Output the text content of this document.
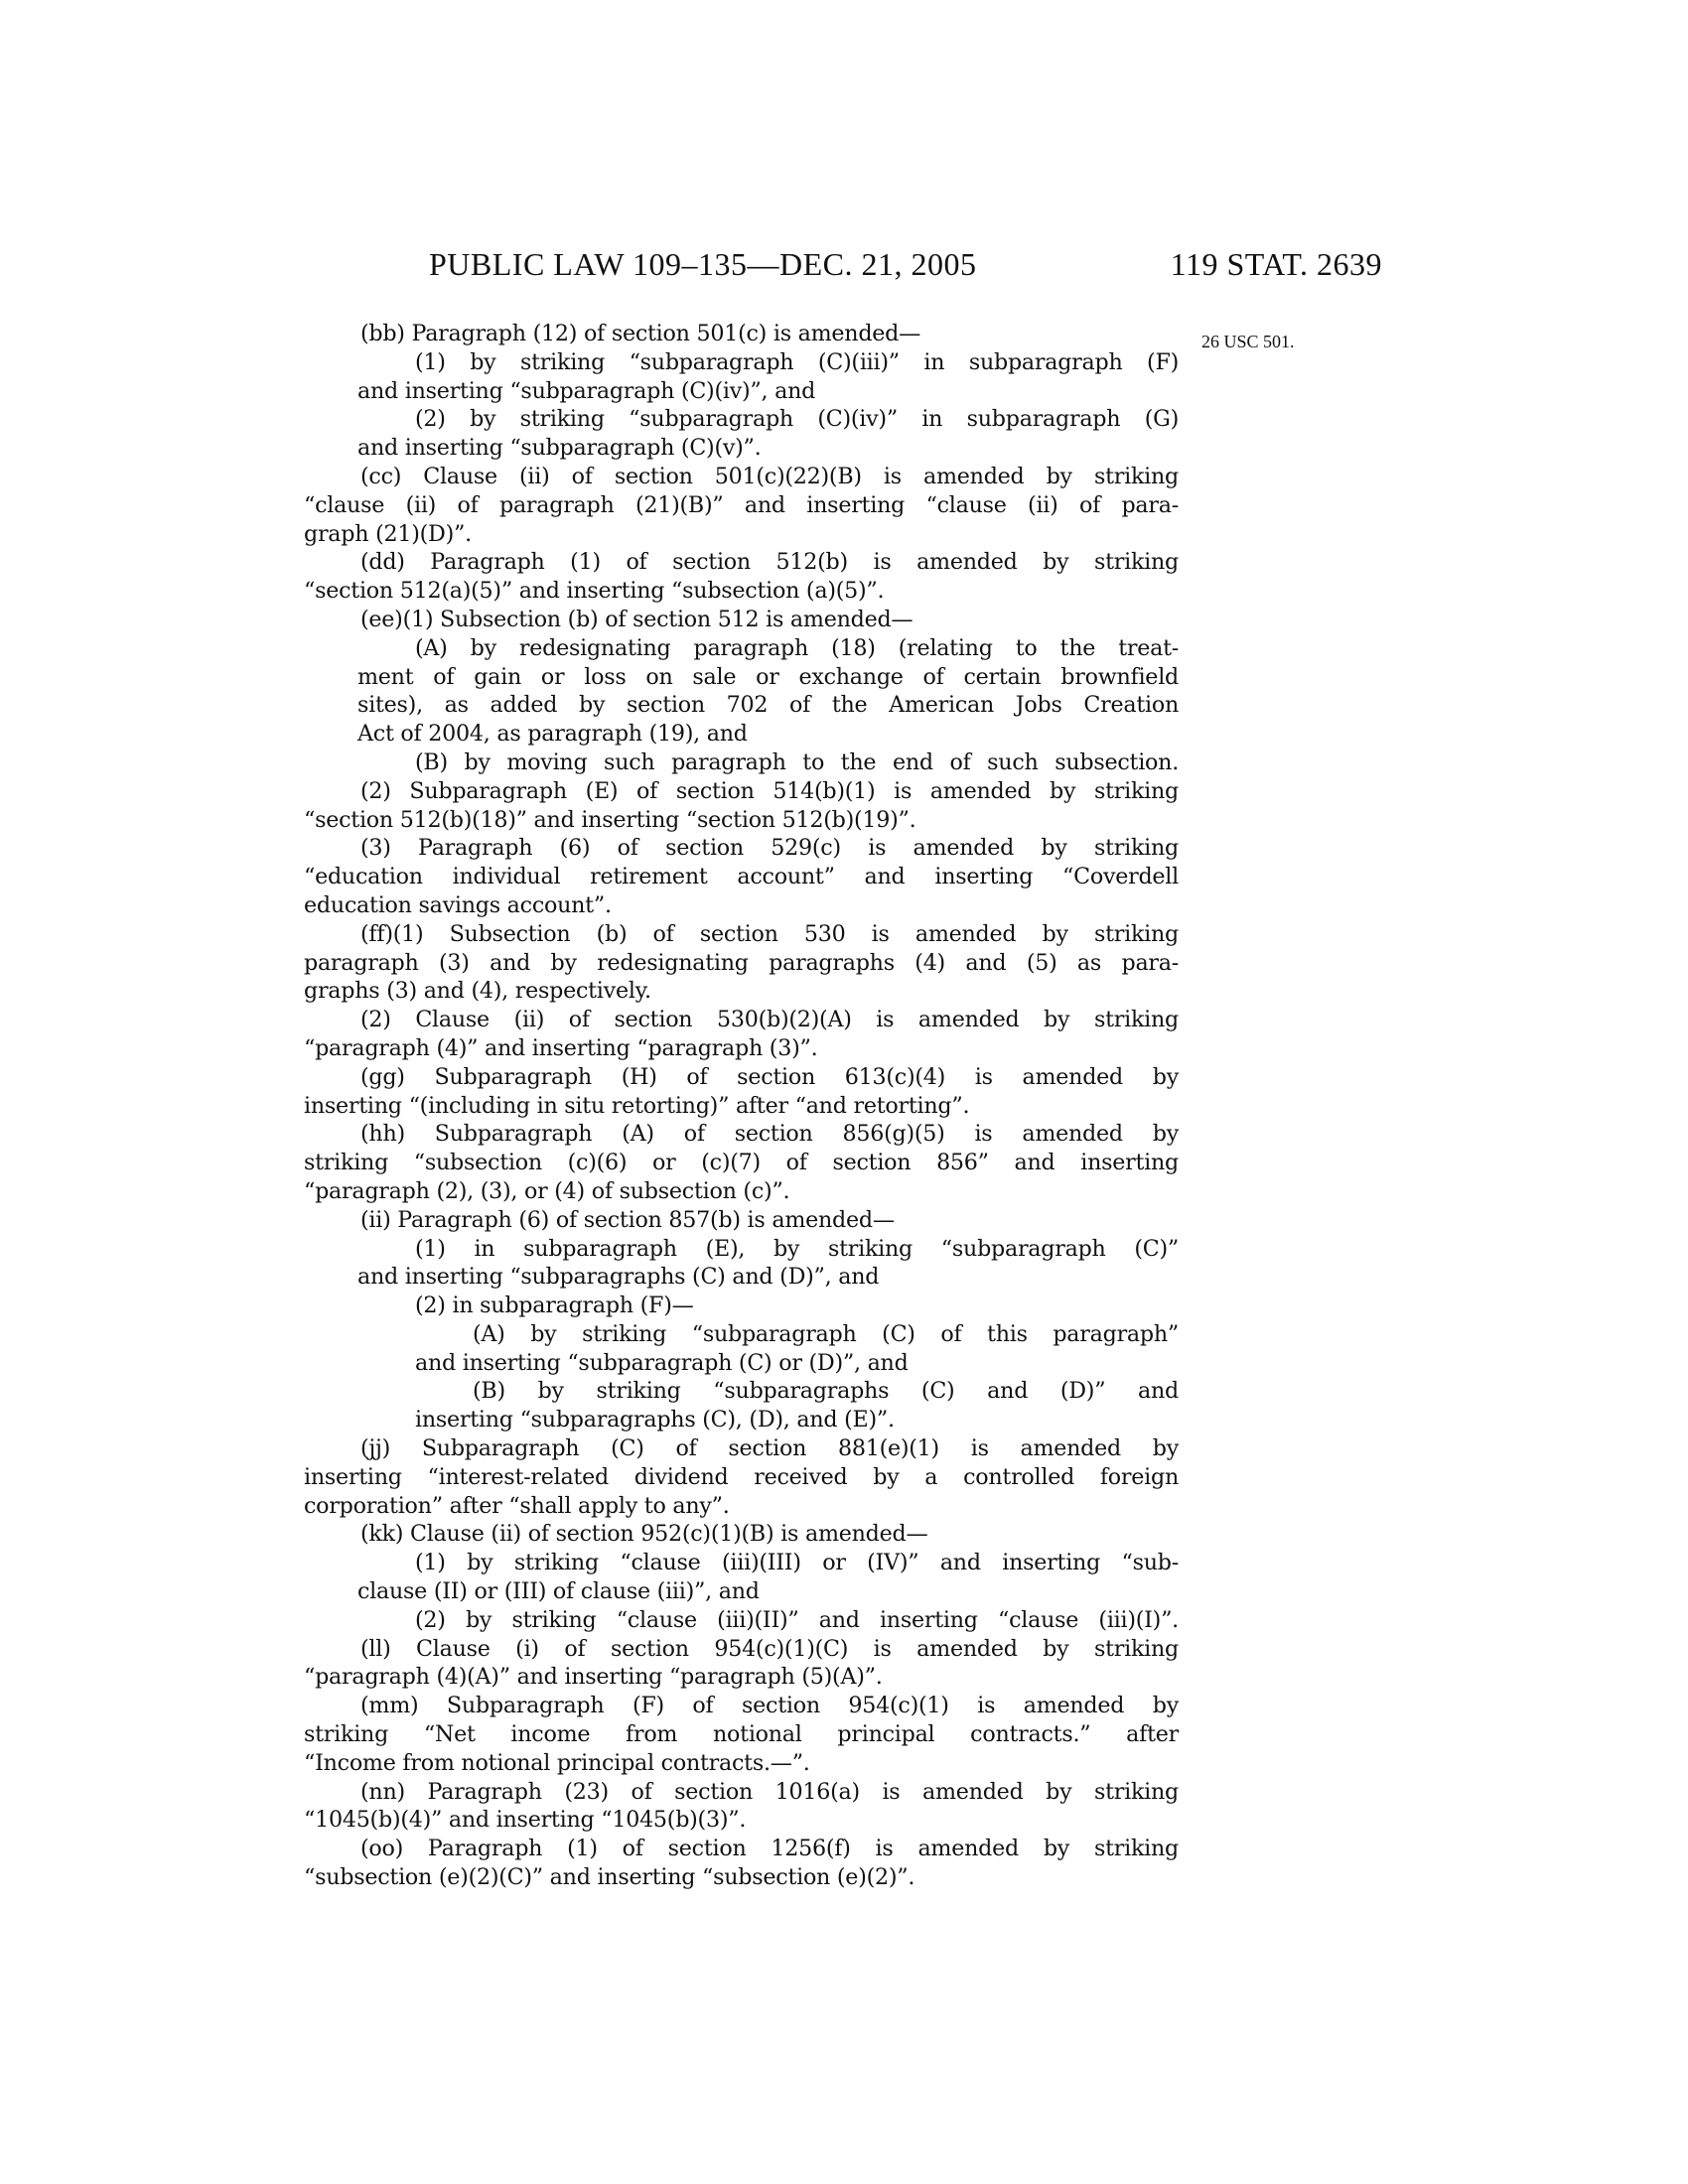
PUBLIC LAW 109–135—DEC. 21, 2005	119 STAT. 2639
26 USC 501.
(bb) Paragraph (12) of section 501(c) is amended—
(1) by striking “subparagraph (C)(iii)” in subparagraph (F)
and inserting “subparagraph (C)(iv)”, and
(2) by striking “subparagraph (C)(iv)” in subparagraph (G)
and inserting “subparagraph (C)(v)”.
(cc) Clause (ii) of section 501(c)(22)(B) is amended by striking
“clause (ii) of paragraph (21)(B)” and inserting “clause (ii) of para-
graph (21)(D)”.
(dd) Paragraph (1) of section 512(b) is amended by striking
“section 512(a)(5)” and inserting “subsection (a)(5)”.
(ee)(1) Subsection (b) of section 512 is amended—
(A) by redesignating paragraph (18) (relating to the treat-
ment of gain or loss on sale or exchange of certain brownfield
sites), as added by section 702 of the American Jobs Creation
Act of 2004, as paragraph (19), and
(B) by moving such paragraph to the end of such subsection.
(2) Subparagraph (E) of section 514(b)(1) is amended by striking
“section 512(b)(18)” and inserting “section 512(b)(19)”.
(3) Paragraph (6) of section 529(c) is amended by striking
“education individual retirement account” and inserting “Coverdell
education savings account”.
(ff)(1) Subsection (b) of section 530 is amended by striking
paragraph (3) and by redesignating paragraphs (4) and (5) as para-
graphs (3) and (4), respectively.
(2) Clause (ii) of section 530(b)(2)(A) is amended by striking
“paragraph (4)” and inserting “paragraph (3)”.
(gg) Subparagraph (H) of section 613(c)(4) is amended by
inserting “(including in situ retorting)” after “and retorting”.
(hh) Subparagraph (A) of section 856(g)(5) is amended by
striking “subsection (c)(6) or (c)(7) of section 856” and inserting
“paragraph (2), (3), or (4) of subsection (c)”.
(ii) Paragraph (6) of section 857(b) is amended—
(1) in subparagraph (E), by striking “subparagraph (C)”
and inserting “subparagraphs (C) and (D)”, and
(2) in subparagraph (F)—
(A) by striking “subparagraph (C) of this paragraph”
and inserting “subparagraph (C) or (D)”, and
(B) by striking “subparagraphs (C) and (D)” and
inserting “subparagraphs (C), (D), and (E)”.
(jj) Subparagraph (C) of section 881(e)(1) is amended by
inserting “interest-related dividend received by a controlled foreign
corporation” after “shall apply to any”.
(kk) Clause (ii) of section 952(c)(1)(B) is amended—
(1) by striking “clause (iii)(III) or (IV)” and inserting “sub-
clause (II) or (III) of clause (iii)”, and
(2) by striking “clause (iii)(II)” and inserting “clause (iii)(I)”.
(ll) Clause (i) of section 954(c)(1)(C) is amended by striking
“paragraph (4)(A)” and inserting “paragraph (5)(A)”.
(mm) Subparagraph (F) of section 954(c)(1) is amended by
striking “Net income from notional principal contracts.” after
“Income from notional principal contracts.—”.
(nn) Paragraph (23) of section 1016(a) is amended by striking
“1045(b)(4)” and inserting “1045(b)(3)”.
(oo) Paragraph (1) of section 1256(f) is amended by striking
“subsection (e)(2)(C)” and inserting “subsection (e)(2)”.
